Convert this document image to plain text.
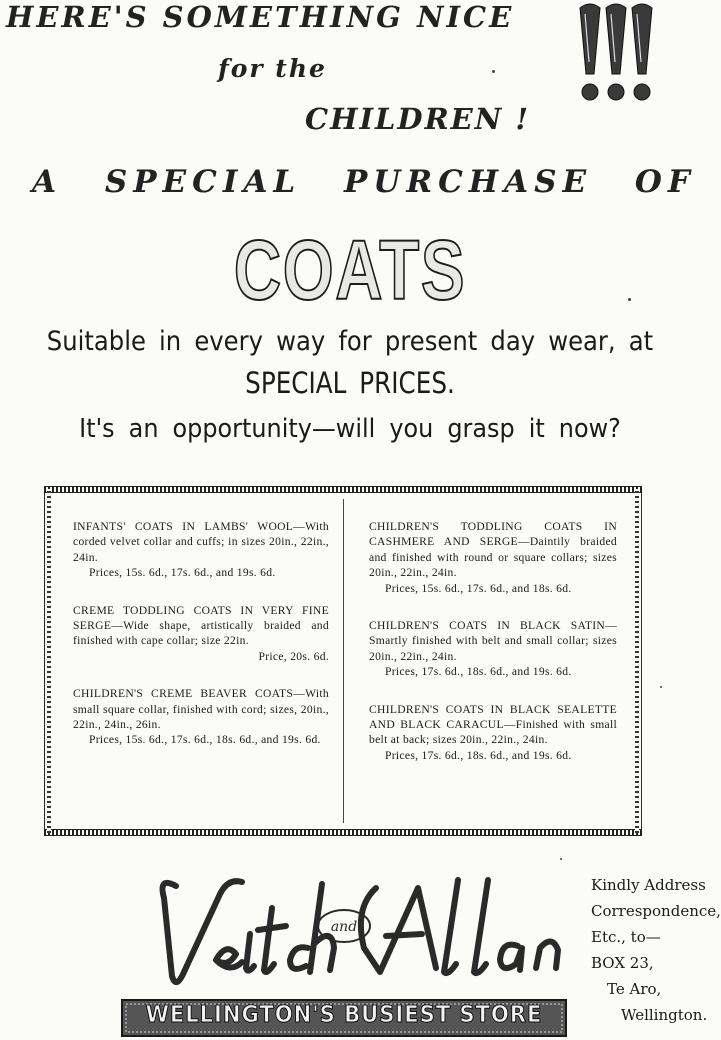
HERE'S SOMETHING NICE
for the
CHILDREN !
A SPECIAL PURCHASE OF
COATS
Suitable in every way for present day wear, at
SPECIAL PRICES.
It's an opportunity—will you grasp it now?
INFANTS' COATS IN LAMBS' WOOL—With corded velvet collar and cuffs; in sizes 20in., 22in., 24in.
Prices, 15s. 6d., 17s. 6d., and 19s. 6d.
CREME TODDLING COATS IN VERY FINE SERGE—Wide shape, artistically braided and finished with cape collar; size 22in.
Price, 20s. 6d.
CHILDREN'S CREME BEAVER COATS—With small square collar, finished with cord; sizes, 20in., 22in., 24in., 26in.
Prices, 15s. 6d., 17s. 6d., 18s. 6d., and 19s. 6d.
CHILDREN'S TODDLING COATS IN CASHMERE AND SERGE—Daintily braided and finished with round or square collars; sizes 20in., 22in., 24in.
Prices, 15s. 6d., 17s. 6d., and 18s. 6d.
CHILDREN'S COATS IN BLACK SATIN—Smartly finished with belt and small collar; sizes 20in., 22in., 24in.
Prices, 17s. 6d., 18s. 6d., and 19s. 6d.
CHILDREN'S COATS IN BLACK SEALETTE AND BLACK CARACUL—Finished with small belt at back; sizes 20in., 22in., 24in.
Prices, 17s. 6d., 18s. 6d., and 19s. 6d.
and
WELLINGTON'S BUSIEST STORE
Kindly Address
Correspondence,
Etc., to—
BOX 23,
Te Aro,
Wellington.
